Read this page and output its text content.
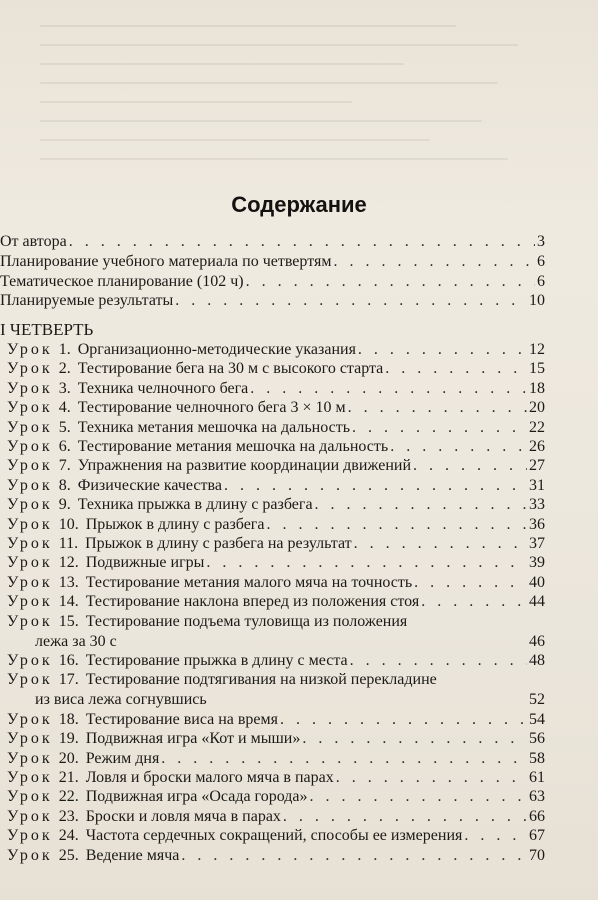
Содержание
От автора . . .	3
Планирование учебного материала по четвертям . . .	6
Тематическое планирование (102 ч) . . .	6
Планируемые результаты . . .	10
I ЧЕТВЕРТЬ
Урок 1. Организационно-методические указания . . .	12
Урок 2. Тестирование бега на 30 м с высокого старта . . .	15
Урок 3. Техника челночного бега . . .	18
Урок 4. Тестирование челночного бега 3 × 10 м . . .	20
Урок 5. Техника метания мешочка на дальность . . .	22
Урок 6. Тестирование метания мешочка на дальность . . .	26
Урок 7. Упражнения на развитие координации движений . . .	27
Урок 8. Физические качества . . .	31
Урок 9. Техника прыжка в длину с разбега . . .	33
Урок 10. Прыжок в длину с разбега . . .	36
Урок 11. Прыжок в длину с разбега на результат . . .	37
Урок 12. Подвижные игры . . .	39
Урок 13. Тестирование метания малого мяча на точность . . .	40
Урок 14. Тестирование наклона вперед из положения стоя . . .	44
Урок 15. Тестирование подъема туловища из положения
лежа за 30 с	46
Урок 16. Тестирование прыжка в длину с места . . .	48
Урок 17. Тестирование подтягивания на низкой перекладине
из виса лежа согнувшись	52
Урок 18. Тестирование виса на время . . .	54
Урок 19. Подвижная игра «Кот и мыши» . . .	56
Урок 20. Режим дня . . .	58
Урок 21. Ловля и броски малого мяча в парах . . .	61
Урок 22. Подвижная игра «Осада города» . . .	63
Урок 23. Броски и ловля мяча в парах . . .	66
Урок 24. Частота сердечных сокращений, способы ее измерения . . .	67
Урок 25. Ведение мяча . . .	70
